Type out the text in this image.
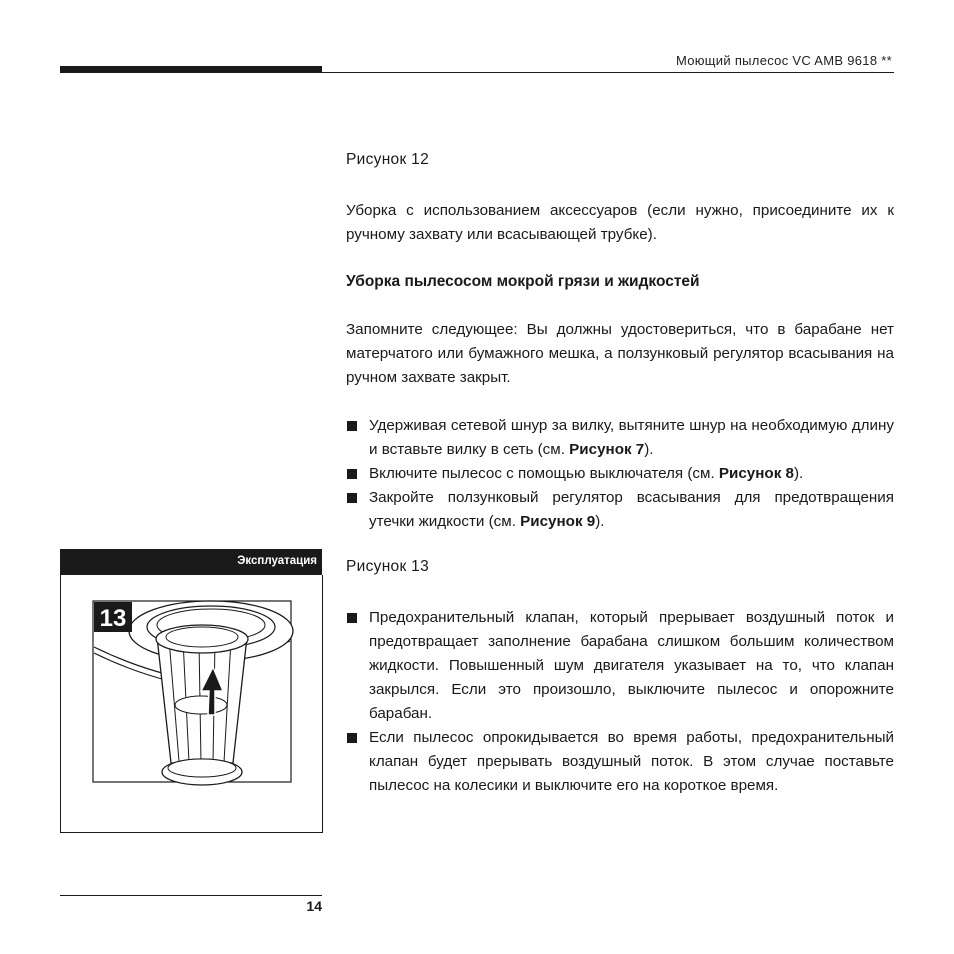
Моющий пылесос VC AMB 9618 **
Рисунок 12
Уборка с использованием аксессуаров (если нужно, присоедините их к ручному захвату или всасывающей трубке).
Уборка пылесосом мокрой грязи и жидкостей
Запомните следующее: Вы должны удостовериться, что в барабане нет матерчатого или бумажного мешка, а ползунковый регулятор всасывания на ручном захвате закрыт.
Удерживая сетевой шнур за вилку, вытяните шнур на необходимую длину и вставьте вилку в сеть (см. Рисунок 7).
Включите пылесос с помощью выключателя (см. Рисунок 8).
Закройте ползунковый регулятор всасывания для предотвращения утечки жидкости (см. Рисунок 9).
Рисунок 13
Предохранительный клапан, который прерывает воздушный поток и предотвращает заполнение барабана слишком большим количеством жидкости. Повышенный шум двигателя указывает на то, что клапан закрылся. Если это произошло, выключите пылесос и опорожните барабан.
Если пылесос опрокидывается во время работы, предохранительный клапан будет прерывать воздушный поток. В этом случае поставьте пылесос на колесики и выключите его на короткое время.
Эксплуатация
13
14
